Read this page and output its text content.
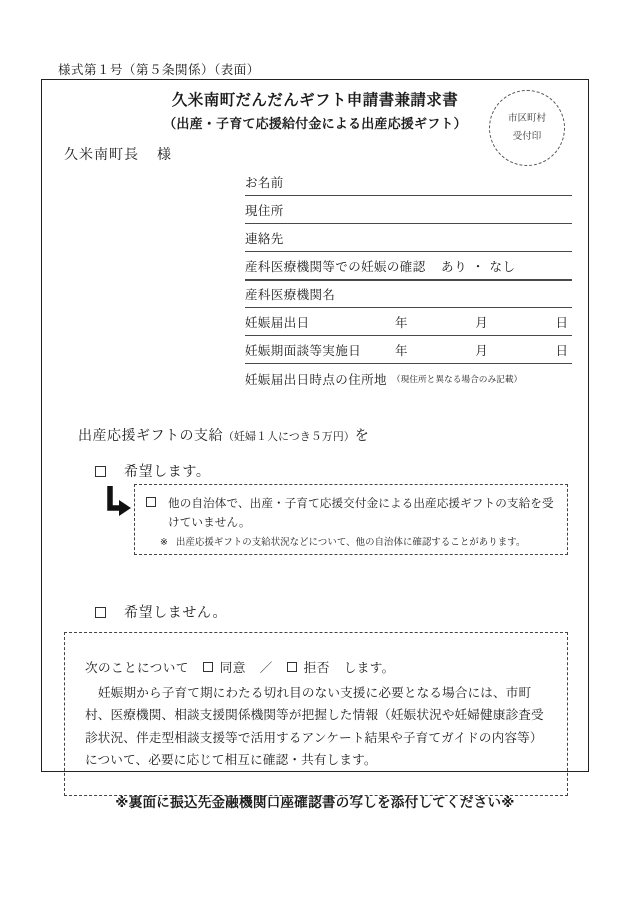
様式第１号（第５条関係）（表面）
久米南町だんだんギフト申請書兼請求書
（出産・子育て応援給付金による出産応援ギフト）	市区町村
受付印
久米南町長 様
お名前
現住所
連絡先
産科医療機関等での妊娠の確認 あり ・ なし
産科医療機関名
妊娠届出日	年	月	日
妊娠期面談等実施日	年	月	日
妊娠届出日時点の住所地 （現住所と異なる場合のみ記載）
出産応援ギフトの支給（妊婦１人につき５万円）を
希望します。
他の自治体で、出産・子育て応援交付金による出産応援ギフトの支給を受けていません。
※ 出産応援ギフトの支給状況などについて、他の自治体に確認することがあります。
希望しません。
次のことについて 同意 ／ 拒否 します。
妊娠期から子育て期にわたる切れ目のない支援に必要となる場合には、市町村、医療機関、相談支援関係機関等が把握した情報（妊娠状況や妊婦健康診査受診状況、伴走型相談支援等で活用するアンケート結果や子育てガイドの内容等）について、必要に応じて相互に確認・共有します。
※裏面に振込先金融機関口座確認書の写しを添付してください※
